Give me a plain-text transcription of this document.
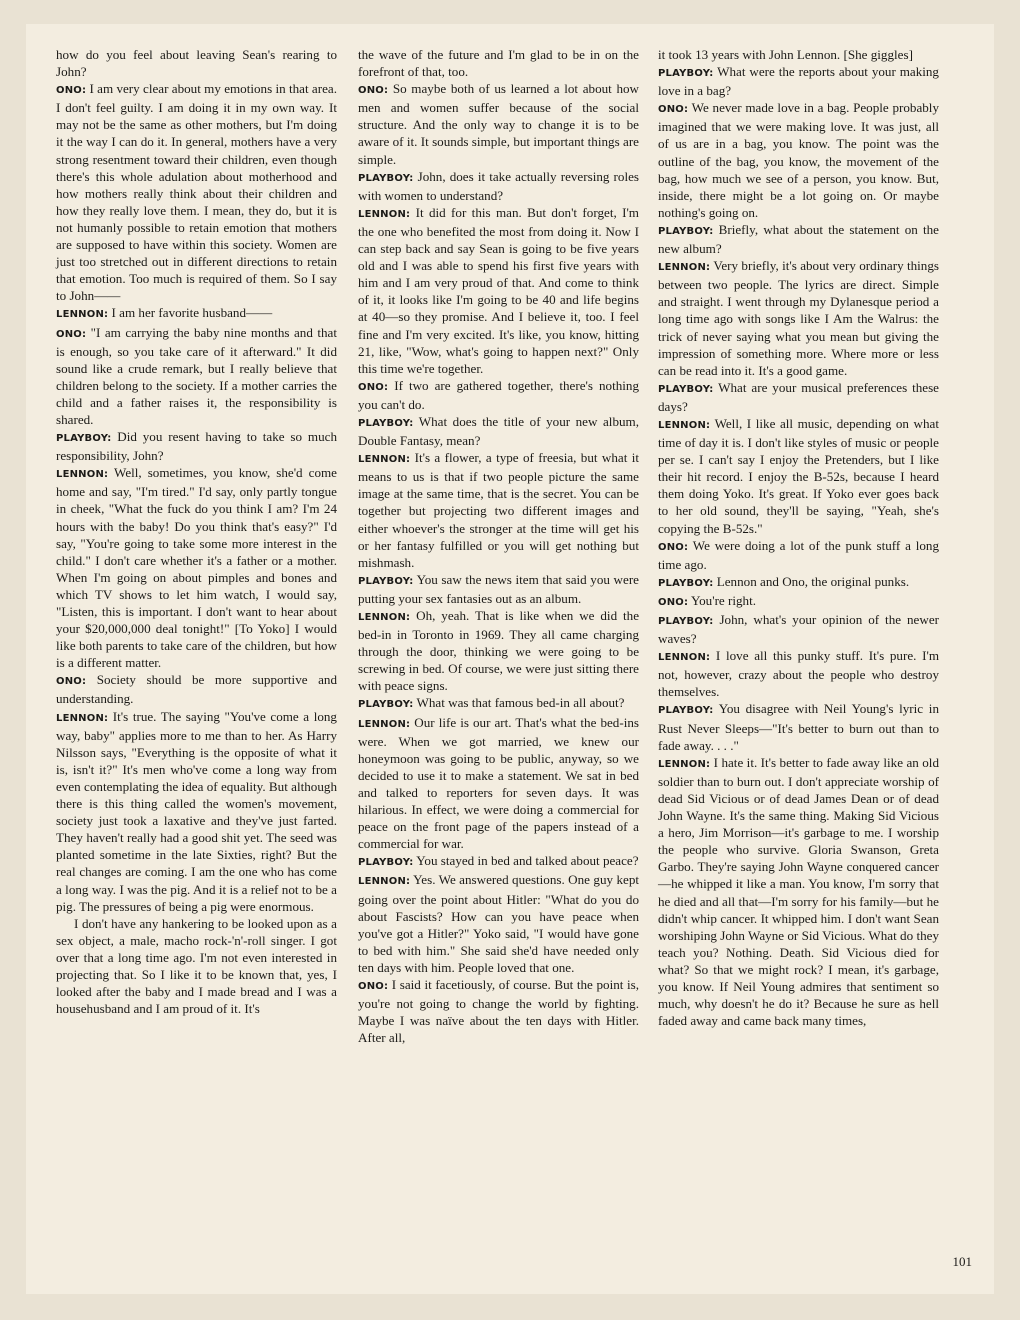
how do you feel about leaving Sean's rearing to John?

ONO: I am very clear about my emotions in that area. I don't feel guilty. I am doing it in my own way. It may not be the same as other mothers, but I'm doing it the way I can do it. In general, mothers have a very strong resentment toward their children, even though there's this whole adulation about motherhood and how mothers really think about their children and how they really love them. I mean, they do, but it is not humanly possible to retain emotion that mothers are supposed to have within this society. Women are just too stretched out in different directions to retain that emotion. Too much is required of them. So I say to John——

LENNON: I am her favorite husband——

ONO: "I am carrying the baby nine months and that is enough, so you take care of it afterward." It did sound like a crude remark, but I really believe that children belong to the society. If a mother carries the child and a father raises it, the responsibility is shared.

PLAYBOY: Did you resent having to take so much responsibility, John?

LENNON: Well, sometimes, you know, she'd come home and say, "I'm tired." I'd say, only partly tongue in cheek, "What the fuck do you think I am? I'm 24 hours with the baby! Do you think that's easy?" I'd say, "You're going to take some more interest in the child." I don't care whether it's a father or a mother. When I'm going on about pimples and bones and which TV shows to let him watch, I would say, "Listen, this is important. I don't want to hear about your $20,000,000 deal tonight!" [To Yoko] I would like both parents to take care of the children, but how is a different matter.

ONO: Society should be more supportive and understanding.

LENNON: It's true. The saying "You've come a long way, baby" applies more to me than to her. As Harry Nilsson says, "Everything is the opposite of what it is, isn't it?" It's men who've come a long way from even contemplating the idea of equality. But although there is this thing called the women's movement, society just took a laxative and they've just farted. They haven't really had a good shit yet. The seed was planted sometime in the late Sixties, right? But the real changes are coming. I am the one who has come a long way. I was the pig. And it is a relief not to be a pig. The pressures of being a pig were enormous.

I don't have any hankering to be looked upon as a sex object, a male, macho rock-'n'-roll singer. I got over that a long time ago. I'm not even interested in projecting that. So I like it to be known that, yes, I looked after the baby and I made bread and I was a househusband and I am proud of it. It's

the wave of the future and I'm glad to be in on the forefront of that, too.

ONO: So maybe both of us learned a lot about how men and women suffer because of the social structure. And the only way to change it is to be aware of it. It sounds simple, but important things are simple.

PLAYBOY: John, does it take actually reversing roles with women to understand?

LENNON: It did for this man. But don't forget, I'm the one who benefited the most from doing it. Now I can step back and say Sean is going to be five years old and I was able to spend his first five years with him and I am very proud of that. And come to think of it, it looks like I'm going to be 40 and life begins at 40—so they promise. And I believe it, too. I feel fine and I'm very excited. It's like, you know, hitting 21, like, "Wow, what's going to happen next?" Only this time we're together.

ONO: If two are gathered together, there's nothing you can't do.

PLAYBOY: What does the title of your new album, Double Fantasy, mean?

LENNON: It's a flower, a type of freesia, but what it means to us is that if two people picture the same image at the same time, that is the secret. You can be together but projecting two different images and either whoever's the stronger at the time will get his or her fantasy fulfilled or you will get nothing but mishmash.

PLAYBOY: You saw the news item that said you were putting your sex fantasies out as an album.

LENNON: Oh, yeah. That is like when we did the bed-in in Toronto in 1969. They all came charging through the door, thinking we were going to be screwing in bed. Of course, we were just sitting there with peace signs.

PLAYBOY: What was that famous bed-in all about?

LENNON: Our life is our art. That's what the bed-ins were. When we got married, we knew our honeymoon was going to be public, anyway, so we decided to use it to make a statement. We sat in bed and talked to reporters for seven days. It was hilarious. In effect, we were doing a commercial for peace on the front page of the papers instead of a commercial for war.

PLAYBOY: You stayed in bed and talked about peace?

LENNON: Yes. We answered questions. One guy kept going over the point about Hitler: "What do you do about Fascists? How can you have peace when you've got a Hitler?" Yoko said, "I would have gone to bed with him." She said she'd have needed only ten days with him. People loved that one.

ONO: I said it facetiously, of course. But the point is, you're not going to change the world by fighting. Maybe I was naïve about the ten days with Hitler. After all,

it took 13 years with John Lennon. [She giggles]

PLAYBOY: What were the reports about your making love in a bag?

ONO: We never made love in a bag. People probably imagined that we were making love. It was just, all of us are in a bag, you know. The point was the outline of the bag, you know, the movement of the bag, how much we see of a person, you know. But, inside, there might be a lot going on. Or maybe nothing's going on.

PLAYBOY: Briefly, what about the statement on the new album?

LENNON: Very briefly, it's about very ordinary things between two people. The lyrics are direct. Simple and straight. I went through my Dylanesque period a long time ago with songs like I Am the Walrus: the trick of never saying what you mean but giving the impression of something more. Where more or less can be read into it. It's a good game.

PLAYBOY: What are your musical preferences these days?

LENNON: Well, I like all music, depending on what time of day it is. I don't like styles of music or people per se. I can't say I enjoy the Pretenders, but I like their hit record. I enjoy the B-52s, because I heard them doing Yoko. It's great. If Yoko ever goes back to her old sound, they'll be saying, "Yeah, she's copying the B-52s."

ONO: We were doing a lot of the punk stuff a long time ago.

PLAYBOY: Lennon and Ono, the original punks.

ONO: You're right.

PLAYBOY: John, what's your opinion of the newer waves?

LENNON: I love all this punky stuff. It's pure. I'm not, however, crazy about the people who destroy themselves.

PLAYBOY: You disagree with Neil Young's lyric in Rust Never Sleeps—"It's better to burn out than to fade away. . . ."

LENNON: I hate it. It's better to fade away like an old soldier than to burn out. I don't appreciate worship of dead Sid Vicious or of dead James Dean or of dead John Wayne. It's the same thing. Making Sid Vicious a hero, Jim Morrison—it's garbage to me. I worship the people who survive. Gloria Swanson, Greta Garbo. They're saying John Wayne conquered cancer—he whipped it like a man. You know, I'm sorry that he died and all that—I'm sorry for his family—but he didn't whip cancer. It whipped him. I don't want Sean worshiping John Wayne or Sid Vicious. What do they teach you? Nothing. Death. Sid Vicious died for what? So that we might rock? I mean, it's garbage, you know. If Neil Young admires that sentiment so much, why doesn't he do it? Because he sure as hell faded away and came back many times,

101
